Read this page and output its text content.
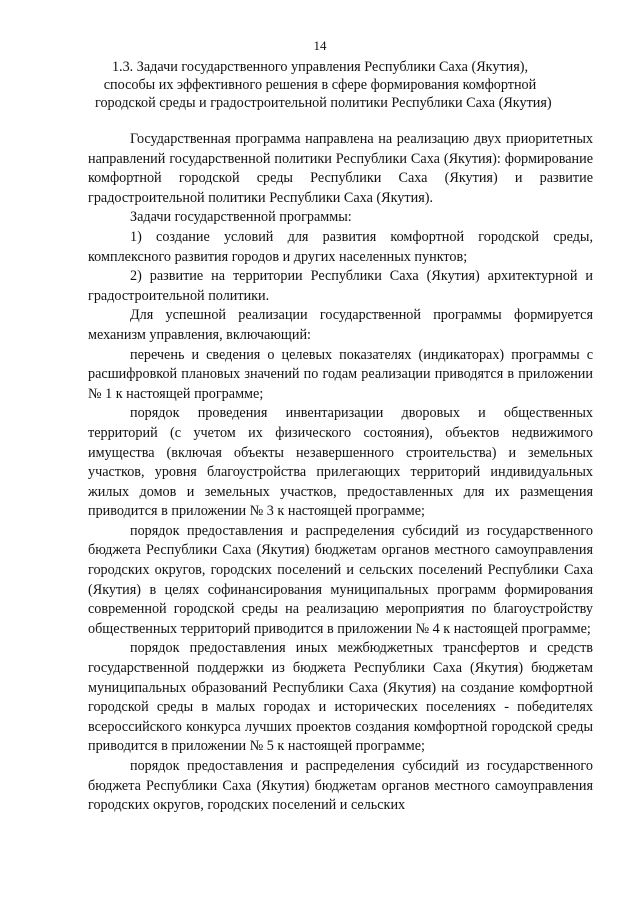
14
1.3. Задачи государственного управления Республики Саха (Якутия),
способы их эффективного решения в сфере формирования комфортной
городской среды и градостроительной политики Республики Саха (Якутия)

Государственная программа направлена на реализацию двух приоритетных направлений государственной политики Республики Саха (Якутия): формирование комфортной городской среды Республики Саха (Якутия) и развитие градостроительной политики Республики Саха (Якутия).

Задачи государственной программы:

1) создание условий для развития комфортной городской среды, комплексного развития городов и других населенных пунктов;

2) развитие на территории Республики Саха (Якутия) архитектурной и градостроительной политики.

Для успешной реализации государственной программы формируется механизм управления, включающий:

перечень и сведения о целевых показателях (индикаторах) программы с расшифровкой плановых значений по годам реализации приводятся в приложении № 1 к настоящей программе;

порядок проведения инвентаризации дворовых и общественных территорий (с учетом их физического состояния), объектов недвижимого имущества (включая объекты незавершенного строительства) и земельных участков, уровня благоустройства прилегающих территорий индивидуальных жилых домов и земельных участков, предоставленных для их размещения приводится в приложении № 3 к настоящей программе;

порядок предоставления и распределения субсидий из государственного бюджета Республики Саха (Якутия) бюджетам органов местного самоуправления городских округов, городских поселений и сельских поселений Республики Саха (Якутия) в целях софинансирования муниципальных программ формирования современной городской среды на реализацию мероприятия по благоустройству общественных территорий приводится в приложении № 4 к настоящей программе;

порядок предоставления иных межбюджетных трансфертов и средств государственной поддержки из бюджета Республики Саха (Якутия) бюджетам муниципальных образований Республики Саха (Якутия) на создание комфортной городской среды в малых городах и исторических поселениях - победителях всероссийского конкурса лучших проектов создания комфортной городской среды приводится в приложении № 5 к настоящей программе;

порядок предоставления и распределения субсидий из государственного бюджета Республики Саха (Якутия) бюджетам органов местного самоуправления городских округов, городских поселений и сельских
